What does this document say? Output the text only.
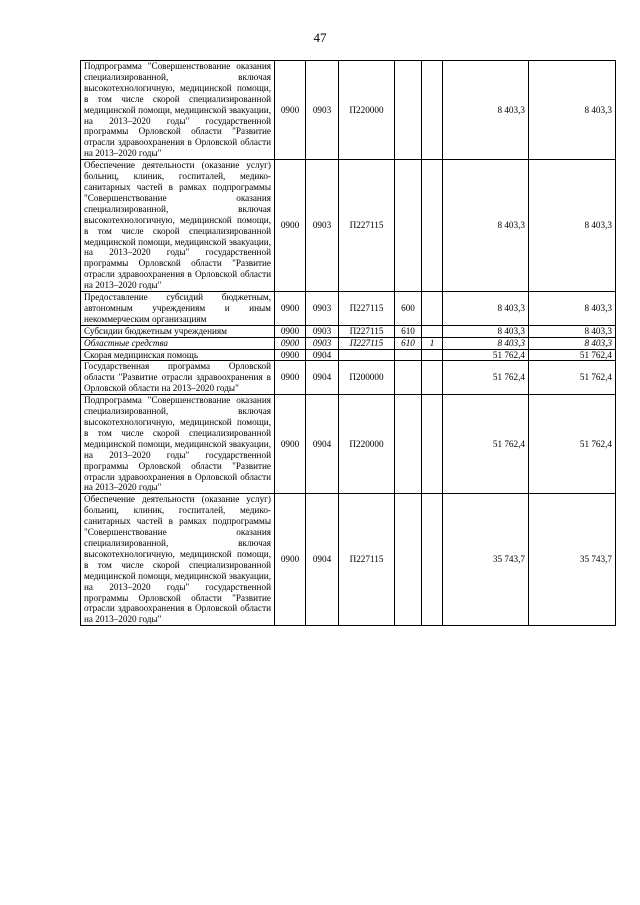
47
Подпрограмма "Совершенствование оказания специализированной, включая высокотехнологичную, медицинской помощи, в том числе скорой специализированной медицинской помощи, медицинской эвакуации, на 2013–2020 годы" государственной программы Орловской области "Развитие отрасли здравоохранения в Орловской области на 2013–2020 годы"	0900	0903	П220000			8 403,3	8 403,3
Обеспечение деятельности (оказание услуг) больниц, клиник, госпиталей, медико-санитарных частей в рамках подпрограммы "Совершенствование оказания специализированной, включая высокотехнологичную, медицинской помощи, в том числе скорой специализированной медицинской помощи, медицинской эвакуации, на 2013–2020 годы" государственной программы Орловской области "Развитие отрасли здравоохранения в Орловской области на 2013–2020 годы"	0900	0903	П227115			8 403,3	8 403,3
Предоставление субсидий бюджетным, автономным учреждениям и иным некоммерческим организациям	0900	0903	П227115	600		8 403,3	8 403,3
Субсидии бюджетным учреждениям	0900	0903	П227115	610		8 403,3	8 403,3
Областные средства	0900	0903	П227115	610	1	8 403,3	8 403,3
Скорая медицинская помощь	0900	0904				51 762,4	51 762,4
Государственная программа Орловской области "Развитие отрасли здравоохранения в Орловской области на 2013–2020 годы"	0900	0904	П200000			51 762,4	51 762,4
Подпрограмма "Совершенствование оказания специализированной, включая высокотехнологичную, медицинской помощи, в том числе скорой специализированной медицинской помощи, медицинской эвакуации, на 2013–2020 годы" государственной программы Орловской области "Развитие отрасли здравоохранения в Орловской области на 2013–2020 годы"	0900	0904	П220000			51 762,4	51 762,4
Обеспечение деятельности (оказание услуг) больниц, клиник, госпиталей, медико-санитарных частей в рамках подпрограммы "Совершенствование оказания специализированной, включая высокотехнологичную, медицинской помощи, в том числе скорой специализированной медицинской помощи, медицинской эвакуации, на 2013–2020 годы" государственной программы Орловской области "Развитие отрасли здравоохранения в Орловской области на 2013–2020 годы"	0900	0904	П227115			35 743,7	35 743,7
